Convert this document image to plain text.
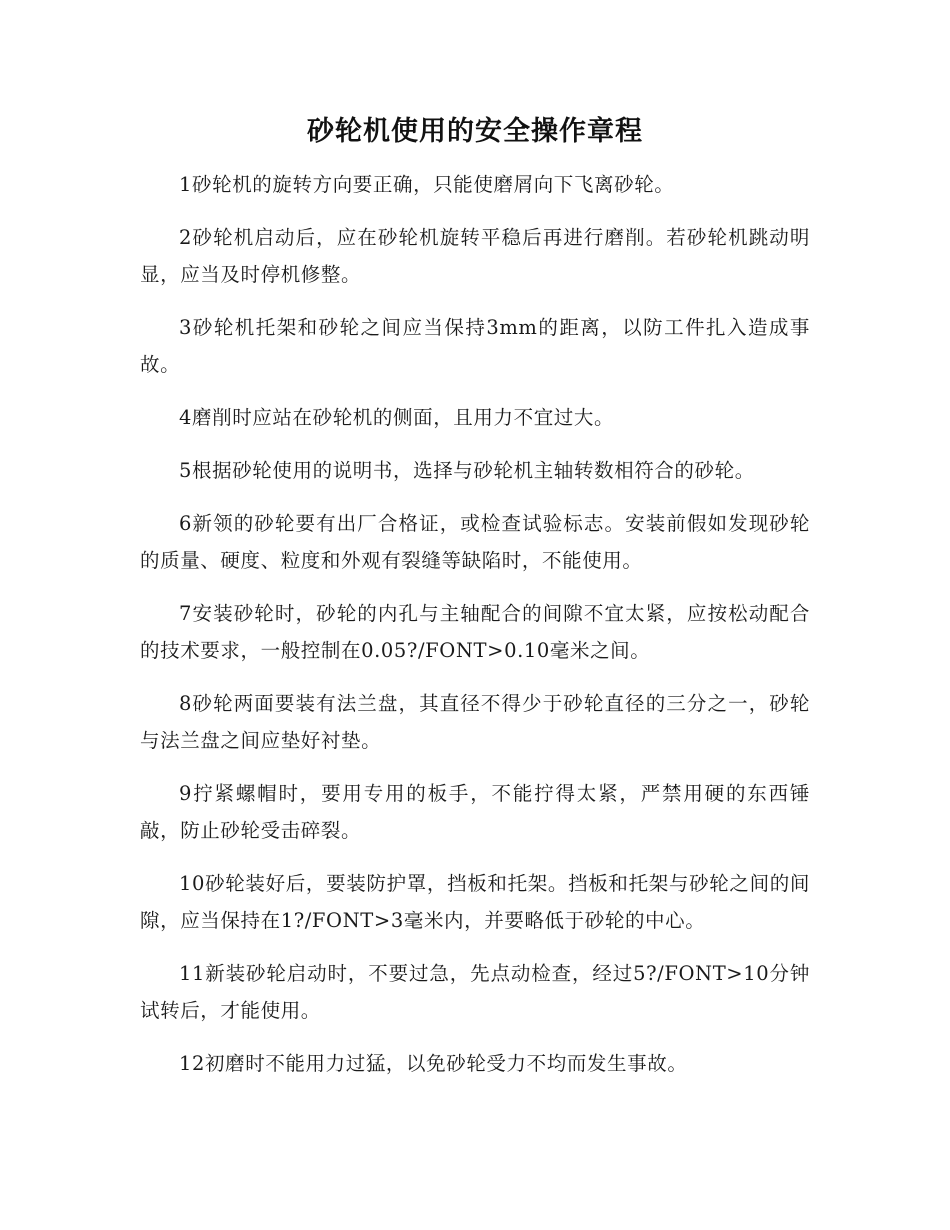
砂轮机使用的安全操作章程

1砂轮机的旋转方向要正确，只能使磨屑向下飞离砂轮。

2砂轮机启动后，应在砂轮机旋转平稳后再进行磨削。若砂轮机跳动明显，应当及时停机修整。

3砂轮机托架和砂轮之间应当保持3mm的距离，以防工件扎入造成事故。

4磨削时应站在砂轮机的侧面，且用力不宜过大。

5根据砂轮使用的说明书，选择与砂轮机主轴转数相符合的砂轮。

6新领的砂轮要有出厂合格证，或检查试验标志。安装前假如发现砂轮的质量、硬度、粒度和外观有裂缝等缺陷时，不能使用。

7安装砂轮时，砂轮的内孔与主轴配合的间隙不宜太紧，应按松动配合的技术要求，一般控制在0.05?/FONT>0.10毫米之间。

8砂轮两面要装有法兰盘，其直径不得少于砂轮直径的三分之一，砂轮与法兰盘之间应垫好衬垫。

9拧紧螺帽时，要用专用的板手，不能拧得太紧，严禁用硬的东西锤敲，防止砂轮受击碎裂。

10砂轮装好后，要装防护罩，挡板和托架。挡板和托架与砂轮之间的间隙，应当保持在1?/FONT>3毫米内，并要略低于砂轮的中心。

11新装砂轮启动时，不要过急，先点动检查，经过5?/FONT>10分钟试转后，才能使用。

12初磨时不能用力过猛，以免砂轮受力不均而发生事故。
